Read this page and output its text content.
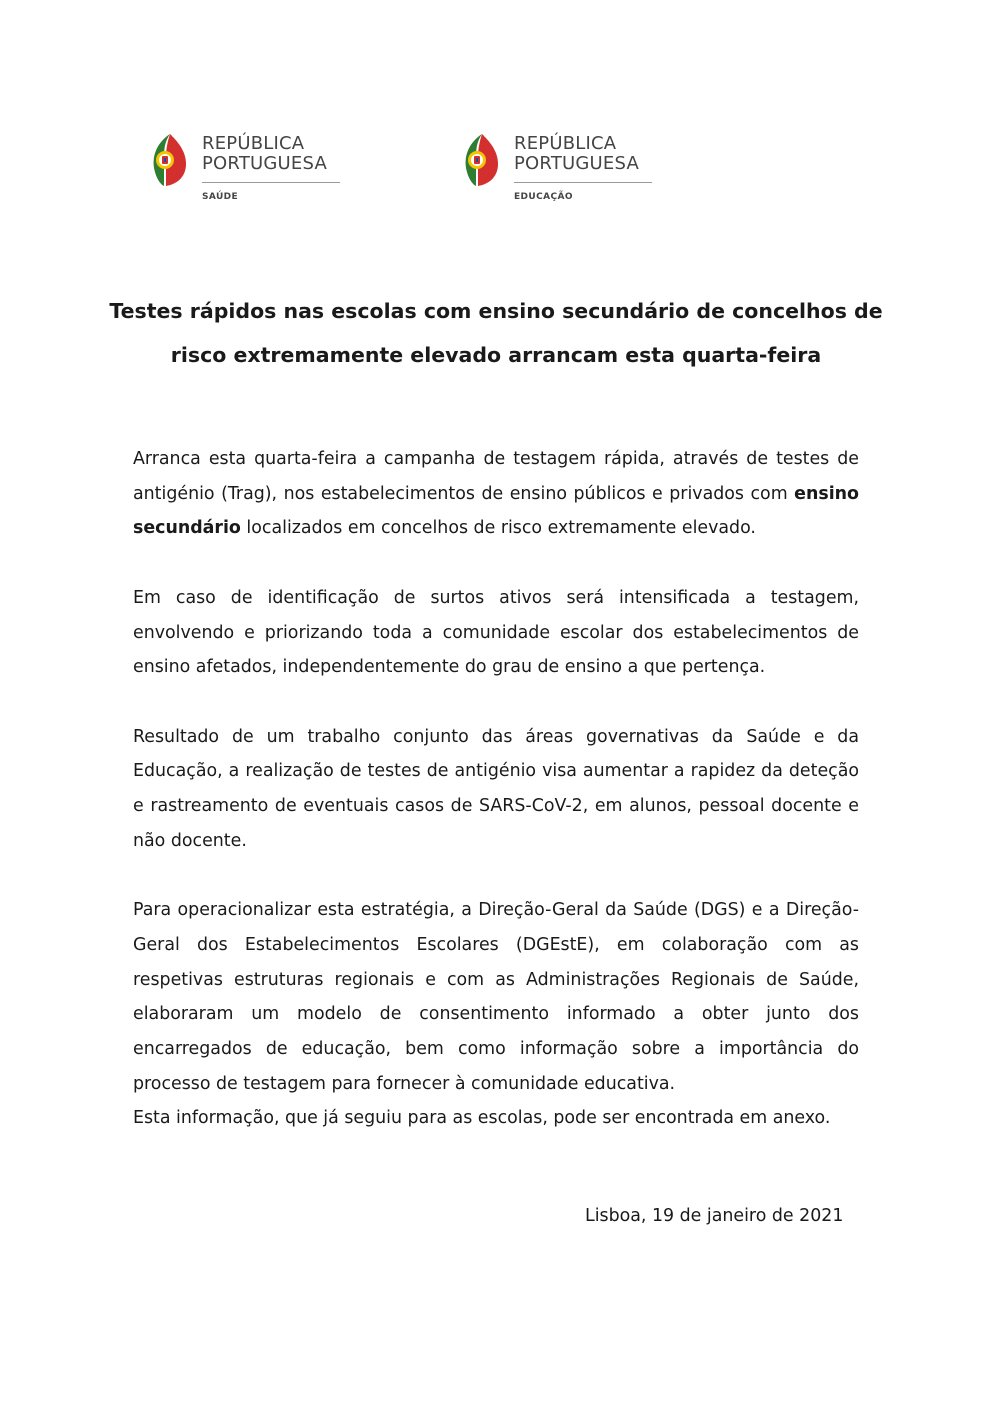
REPÚBLICA
PORTUGUESA
SAÚDE
REPÚBLICA
PORTUGUESA
EDUCAÇÃO
Testes rápidos nas escolas com ensino secundário de concelhos de risco extremamente elevado arrancam esta quarta-feira

Arranca esta quarta-feira a campanha de testagem rápida, através de testes de antigénio (Trag), nos estabelecimentos de ensino públicos e privados com ensino secundário localizados em concelhos de risco extremamente elevado.

Em caso de identificação de surtos ativos será intensificada a testagem, envolvendo e priorizando toda a comunidade escolar dos estabelecimentos de ensino afetados, independentemente do grau de ensino a que pertença.

Resultado de um trabalho conjunto das áreas governativas da Saúde e da Educação, a realização de testes de antigénio visa aumentar a rapidez da deteção e rastreamento de eventuais casos de SARS-CoV-2, em alunos, pessoal docente e não docente.

Para operacionalizar esta estratégia, a Direção-Geral da Saúde (DGS) e a Direção-Geral dos Estabelecimentos Escolares (DGEstE), em colaboração com as respetivas estruturas regionais e com as Administrações Regionais de Saúde, elaboraram um modelo de consentimento informado a obter junto dos encarregados de educação, bem como informação sobre a importância do processo de testagem para fornecer à comunidade educativa.

Esta informação, que já seguiu para as escolas, pode ser encontrada em anexo.

Lisboa, 19 de janeiro de 2021
